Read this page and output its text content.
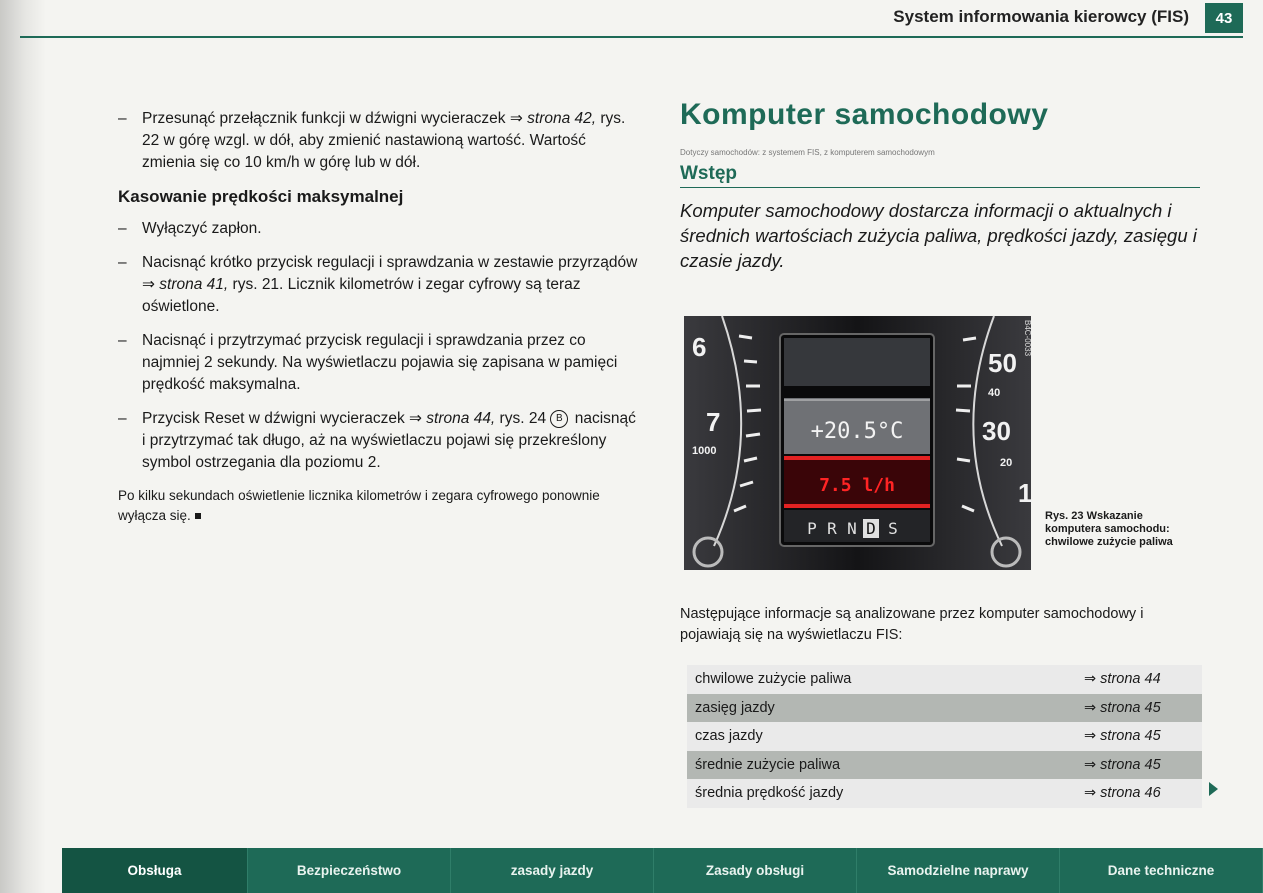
System informowania kierowcy (FIS)	43
– Przesunąć przełącznik funkcji w dźwigni wycieraczek ⇒ strona 42, rys. 22 w górę wzgl. w dół, aby zmienić nastawioną wartość. Wartość zmienia się co 10 km/h w górę lub w dół.

Kasowanie prędkości maksymalnej
– Wyłączyć zapłon.

– Nacisnąć krótko przycisk regulacji i sprawdzania w zestawie przyrządów ⇒ strona 41, rys. 21. Licznik kilometrów i zegar cyfrowy są teraz oświetlone.

– Nacisnąć i przytrzymać przycisk regulacji i sprawdzania przez co najmniej 2 sekundy. Na wyświetlaczu pojawia się zapisana w pamięci prędkość maksymalna.

– Przycisk Reset w dźwigni wycieraczek ⇒ strona 44, rys. 24 B nacisnąć i przytrzymać tak długo, aż na wyświetlaczu pojawi się przekreślony symbol ostrzegania dla poziomu 2.

Po kilku sekundach oświetlenie licznika kilometrów i zegara cyfrowego ponownie wyłącza się.
Komputer samochodowy
Dotyczy samochodów: z systemem FIS, z komputerem samochodowym
Wstęp

Komputer samochodowy dostarcza informacji o aktualnych i średnich wartościach zużycia paliwa, prędkości jazdy, zasięgu i czasie jazdy.

6
7
1000
50
40
30
20
1
B4C-0033
+20.5°C
7.5 l/h
P R N D S
Rys. 23 Wskazanie komputera samochodu: chwilowe zużycie paliwa
Następujące informacje są analizowane przez komputer samochodowy i pojawiają się na wyświetlaczu FIS:
chwilowe zużycie paliwa	⇒ strona 44
zasięg jazdy	⇒ strona 45
czas jazdy	⇒ strona 45
średnie zużycie paliwa	⇒ strona 45
średnia prędkość jazdy	⇒ strona 46
Obsługa	Bezpieczeństwo	zasady jazdy	Zasady obsługi	Samodzielne naprawy	Dane techniczne
